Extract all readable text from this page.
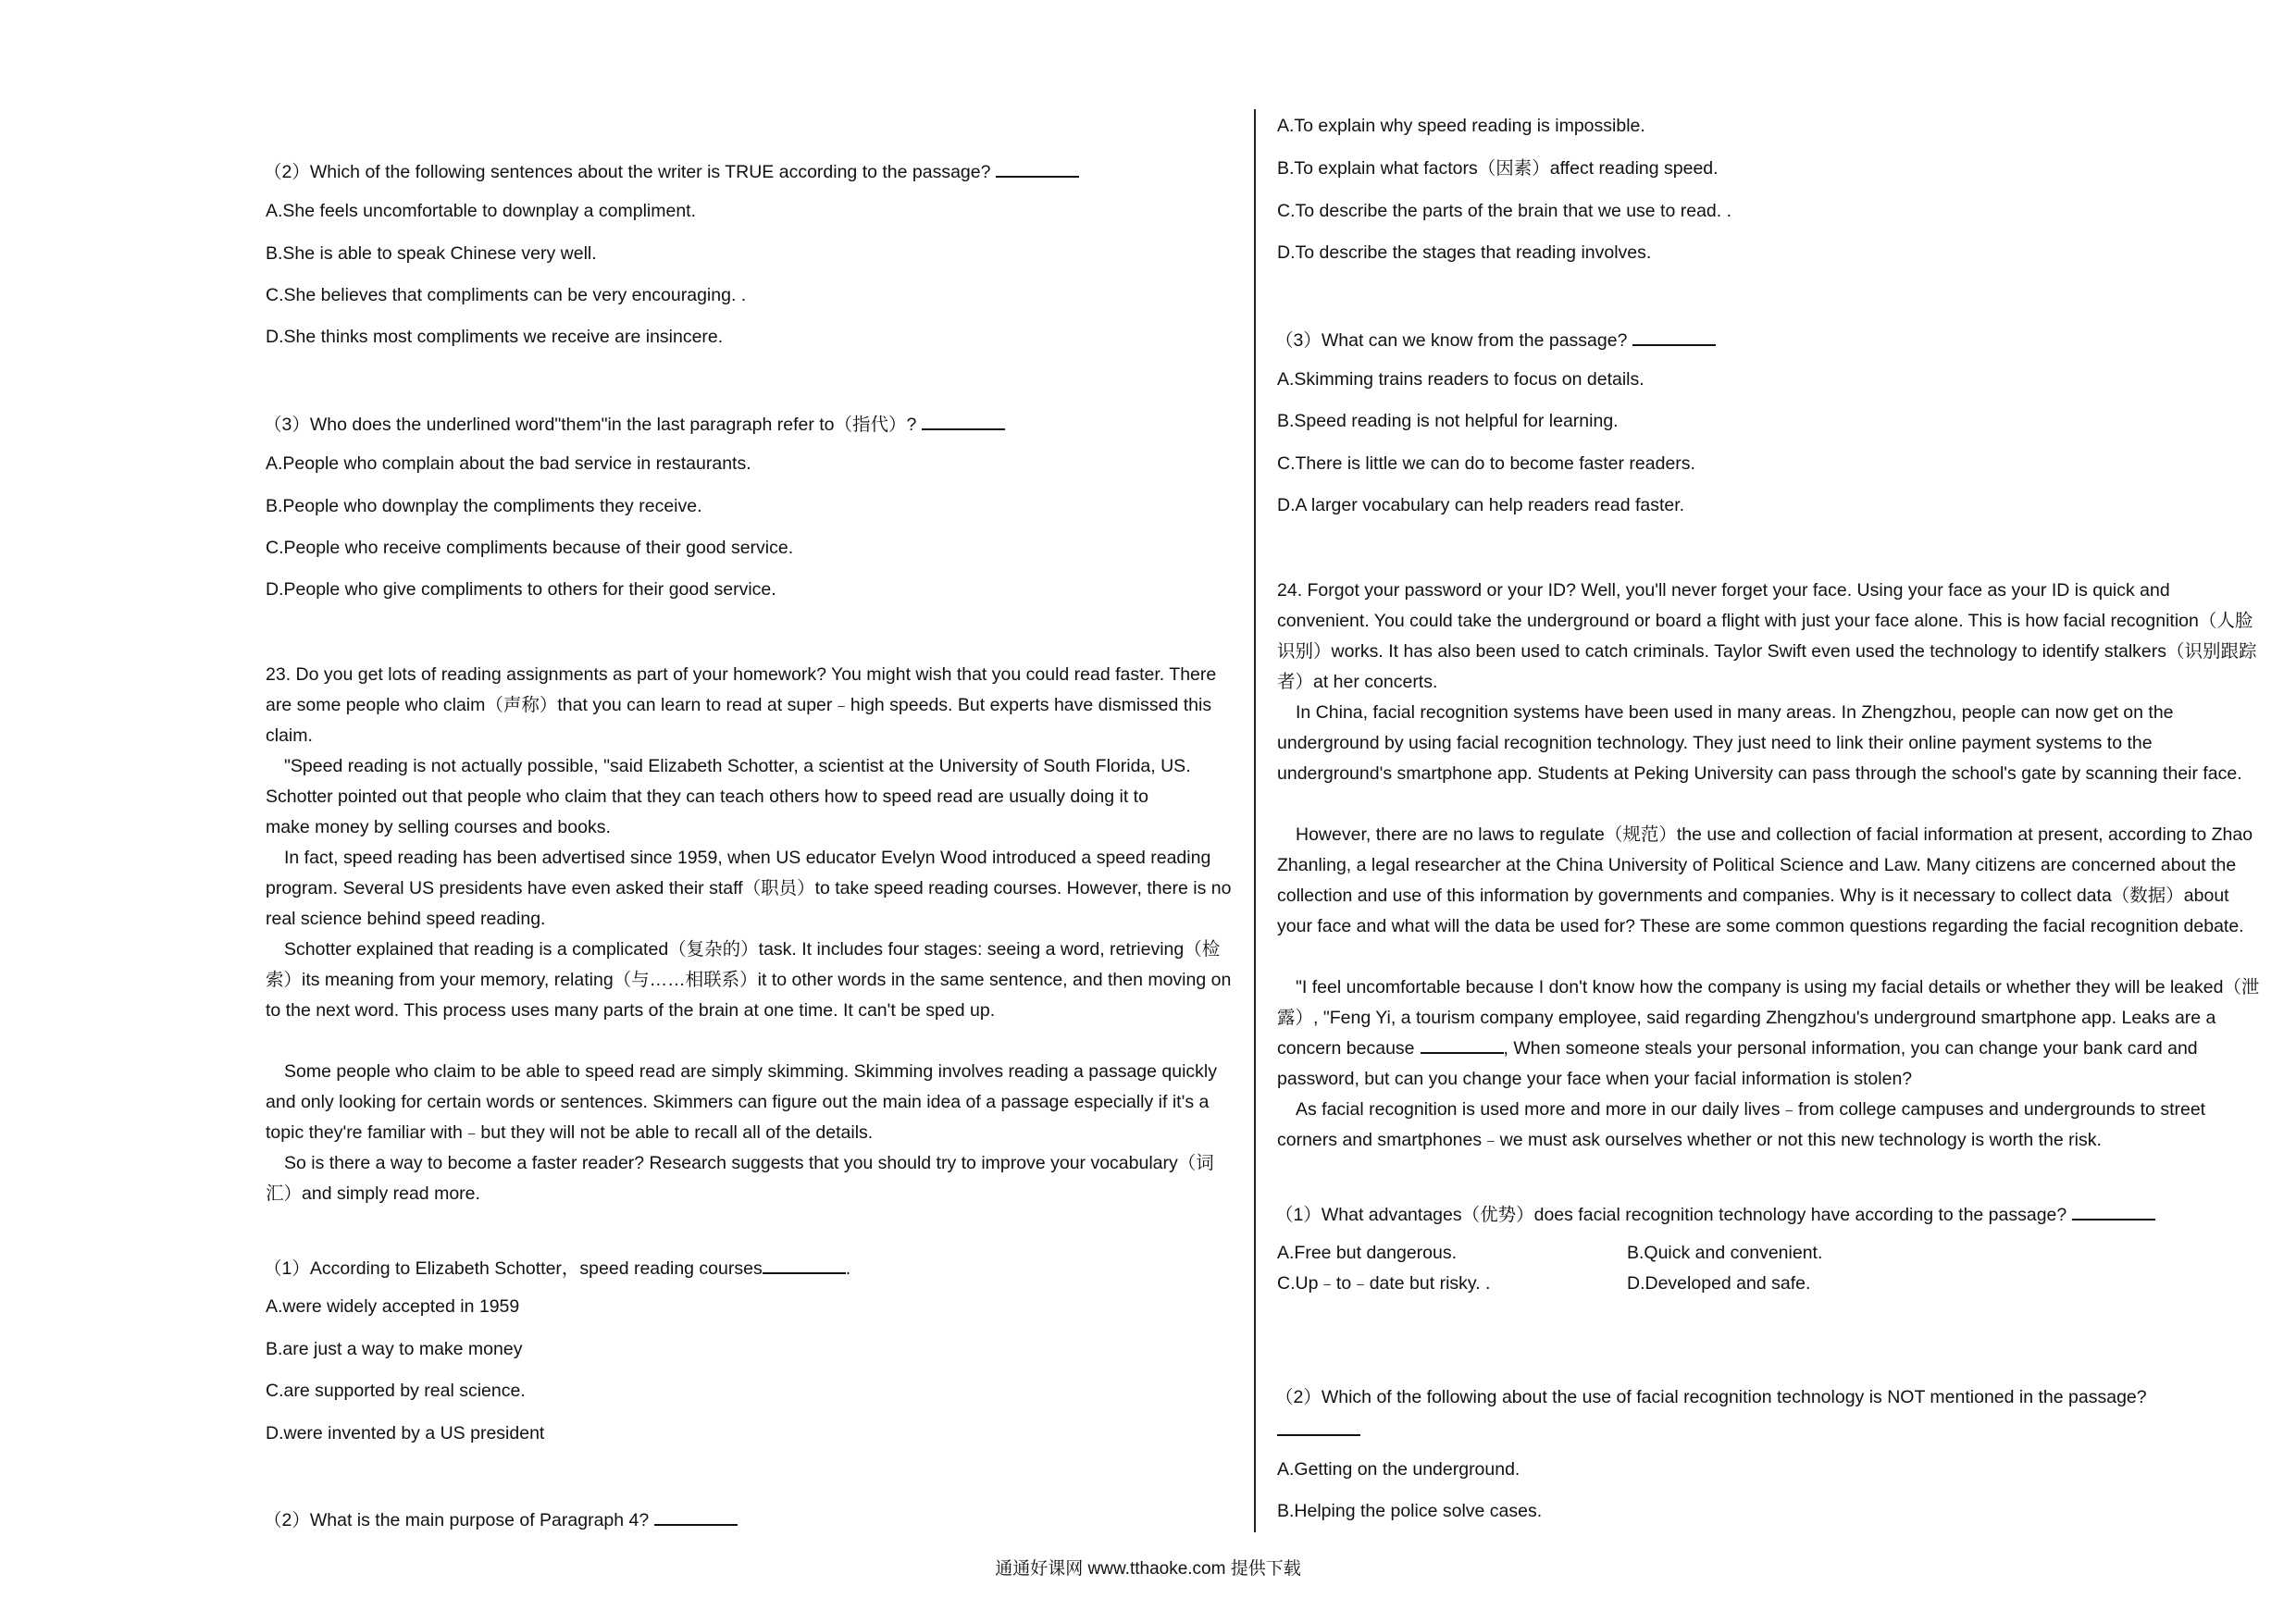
（2）Which of the following sentences about the writer is TRUE according to the passage?
A.She feels uncomfortable to downplay a compliment.
B.She is able to speak Chinese very well.
C.She believes that compliments can be very encouraging. .
D.She thinks most compliments we receive are insincere.
（3）Who does the underlined word"them"in the last paragraph refer to（指代）?
A.People who complain about the bad service in restaurants.
B.People who downplay the compliments they receive.
C.People who receive compliments because of their good service.
D.People who give compliments to others for their good service.
23. Do you get lots of reading assignments as part of your homework? You might wish that you could read faster. There are some people who claim（声称）that you can learn to read at super﹣high speeds. But experts have dismissed this claim.
"Speed reading is not actually possible, "said Elizabeth Schotter, a scientist at the University of South Florida, US. Schotter pointed out that people who claim that they can teach others how to speed read are usually doing it to make money by selling courses and books.
In fact, speed reading has been advertised since 1959, when US educator Evelyn Wood introduced a speed reading program. Several US presidents have even asked their staff（职员）to take speed reading courses. However, there is no real science behind speed reading.
Schotter explained that reading is a complicated（复杂的）task. It includes four stages: seeing a word, retrieving（检索）its meaning from your memory, relating（与……相联系）it to other words in the same sentence, and then moving on to the next word. This process uses many parts of the brain at one time. It can't be sped up.
Some people who claim to be able to speed read are simply skimming. Skimming involves reading a passage quickly and only looking for certain words or sentences. Skimmers can figure out the main idea of a passage especially if it's a topic they're familiar with﹣but they will not be able to recall all of the details.
So is there a way to become a faster reader? Research suggests that you should try to improve your vocabulary（词汇）and simply read more.
（1）According to Elizabeth Schotter，speed reading courses	.
A.were widely accepted in 1959
B.are just a way to make money
C.are supported by real science.
D.were invented by a US president
（2）What is the main purpose of Paragraph 4?
A.To explain why speed reading is impossible.
B.To explain what factors（因素）affect reading speed.
C.To describe the parts of the brain that we use to read. .
D.To describe the stages that reading involves.
（3）What can we know from the passage?
A.Skimming trains readers to focus on details.
B.Speed reading is not helpful for learning.
C.There is little we can do to become faster readers.
D.A larger vocabulary can help readers read faster.
24. Forgot your password or your ID? Well, you'll never forget your face. Using your face as your ID is quick and convenient. You could take the underground or board a flight with just your face alone. This is how facial recognition（人脸识别）works. It has also been used to catch criminals. Taylor Swift even used the technology to identify stalkers（识别跟踪者）at her concerts.
In China, facial recognition systems have been used in many areas. In Zhengzhou, people can now get on the underground by using facial recognition technology. They just need to link their online payment systems to the underground's smartphone app. Students at Peking University can pass through the school's gate by scanning their face.
However, there are no laws to regulate（规范）the use and collection of facial information at present, according to Zhao Zhanling, a legal researcher at the China University of Political Science and Law. Many citizens are concerned about the collection and use of this information by governments and companies. Why is it necessary to collect data（数据）about your face and what will the data be used for? These are some common questions regarding the facial recognition debate.
"I feel uncomfortable because I don't know how the company is using my facial details or whether they will be leaked（泄露）, "Feng Yi, a tourism company employee, said regarding Zhengzhou's underground smartphone app. Leaks are a concern because	, When someone steals your personal information, you can change your bank card and password, but can you change your face when your facial information is stolen?
As facial recognition is used more and more in our daily lives﹣from college campuses and undergrounds to street corners and smartphones﹣we must ask ourselves whether or not this new technology is worth the risk.
（1）What advantages（优势）does facial recognition technology have according to the passage?
A.Free but dangerous.	B.Quick and convenient.
C.Up﹣to﹣date but risky. .	D.Developed and safe.
（2）Which of the following about the use of facial recognition technology is NOT mentioned in the passage?
A.Getting on the underground.
B.Helping the police solve cases.
通通好课网 www.tthaoke.com 提供下载
